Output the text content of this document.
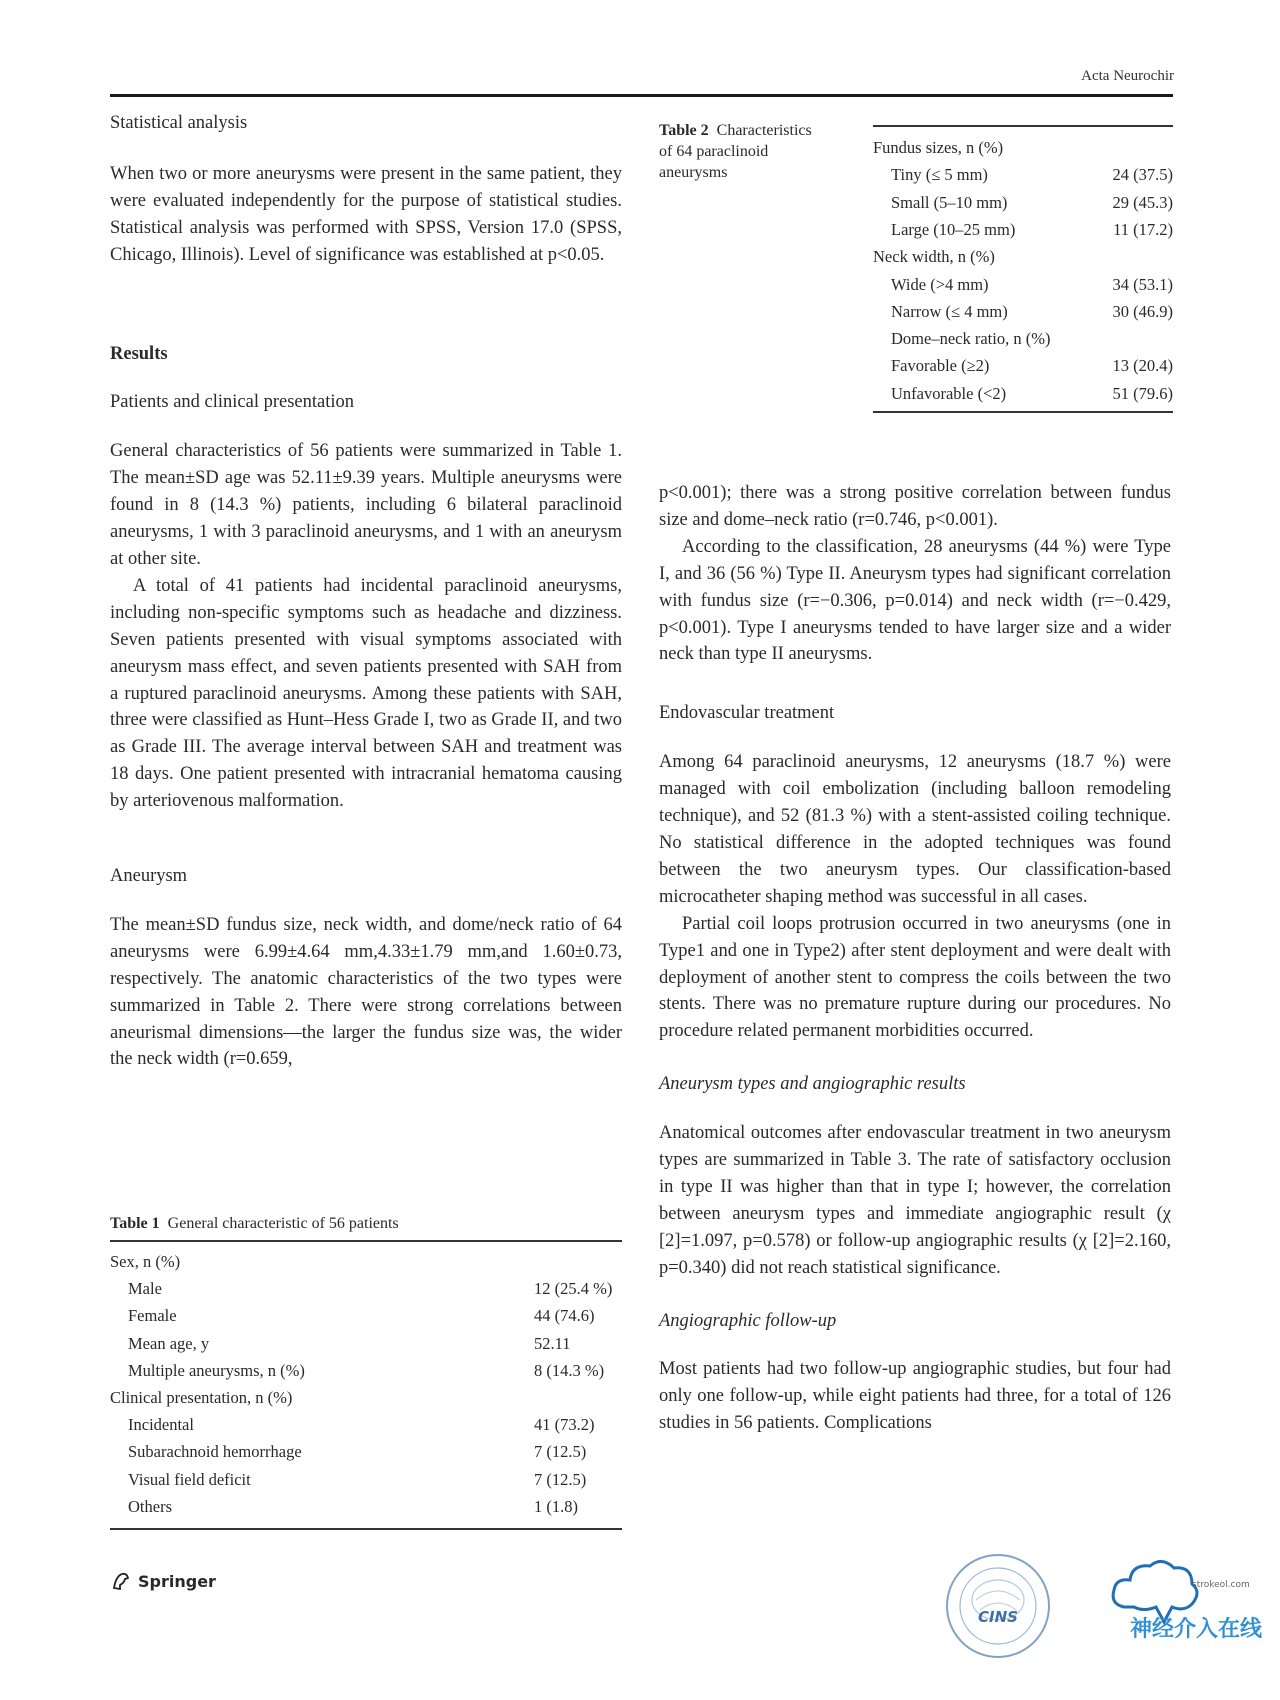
Acta Neurochir
Statistical analysis

When two or more aneurysms were present in the same patient, they were evaluated independently for the purpose of statistical studies. Statistical analysis was performed with SPSS, Version 17.0 (SPSS, Chicago, Illinois). Level of significance was established at p<0.05.

Results
Patients and clinical presentation

General characteristics of 56 patients were summarized in Table 1. The mean±SD age was 52.11±9.39 years. Multiple aneurysms were found in 8 (14.3 %) patients, including 6 bilateral paraclinoid aneurysms, 1 with 3 paraclinoid aneurysms, and 1 with an aneurysm at other site.

A total of 41 patients had incidental paraclinoid aneurysms, including non-specific symptoms such as headache and dizziness. Seven patients presented with visual symptoms associated with aneurysm mass effect, and seven patients presented with SAH from a ruptured paraclinoid aneurysms. Among these patients with SAH, three were classified as Hunt–Hess Grade I, two as Grade II, and two as Grade III. The average interval between SAH and treatment was 18 days. One patient presented with intracranial hematoma causing by arteriovenous malformation.

Aneurysm

The mean±SD fundus size, neck width, and dome/neck ratio of 64 aneurysms were 6.99±4.64 mm,4.33±1.79 mm,and 1.60±0.73, respectively. The anatomic characteristics of the two types were summarized in Table 2. There were strong correlations between aneurismal dimensions—the larger the fundus size was, the wider the neck width (r=0.659,

Table 1 General characteristic of 56 patients
Sex, n (%)
Male	12 (25.4 %)
Female	44 (74.6)
Mean age, y	52.11
Multiple aneurysms, n (%)	8 (14.3 %)
Clinical presentation, n (%)
Incidental	41 (73.2)
Subarachnoid hemorrhage	7 (12.5)
Visual field deficit	7 (12.5)
Others	1 (1.8)
Table 2 Characteristics
of 64 paraclinoid
aneurysms
Fundus sizes, n (%)
Tiny (≤ 5 mm)	24 (37.5)
Small (5–10 mm)	29 (45.3)
Large (10–25 mm)	11 (17.2)
Neck width, n (%)
Wide (>4 mm)	34 (53.1)
Narrow (≤ 4 mm)	30 (46.9)
Dome–neck ratio, n (%)
Favorable (≥2)	13 (20.4)
Unfavorable (<2)	51 (79.6)

p<0.001); there was a strong positive correlation between fundus size and dome–neck ratio (r=0.746, p<0.001).

According to the classification, 28 aneurysms (44 %) were Type I, and 36 (56 %) Type II. Aneurysm types had significant correlation with fundus size (r=−0.306, p=0.014) and neck width (r=−0.429, p<0.001). Type I aneurysms tended to have larger size and a wider neck than type II aneurysms.

Endovascular treatment

Among 64 paraclinoid aneurysms, 12 aneurysms (18.7 %) were managed with coil embolization (including balloon remodeling technique), and 52 (81.3 %) with a stent-assisted coiling technique. No statistical difference in the adopted techniques was found between the two aneurysm types. Our classification-based microcatheter shaping method was successful in all cases.

Partial coil loops protrusion occurred in two aneurysms (one in Type1 and one in Type2) after stent deployment and were dealt with deployment of another stent to compress the coils between the two stents. There was no premature rupture during our procedures. No procedure related permanent morbidities occurred.

Aneurysm types and angiographic results

Anatomical outcomes after endovascular treatment in two aneurysm types are summarized in Table 3. The rate of satisfactory occlusion in type II was higher than that in type I; however, the correlation between aneurysm types and immediate angiographic result (χ [2]=1.097, p=0.578) or follow-up angiographic results (χ [2]=2.160, p=0.340) did not reach statistical significance.

Angiographic follow-up

Most patients had two follow-up angiographic studies, but four had only one follow-up, while eight patients had three, for a total of 126 studies in 56 patients. Complications

Springer
CINS
strokeol.com
神经介入在线
